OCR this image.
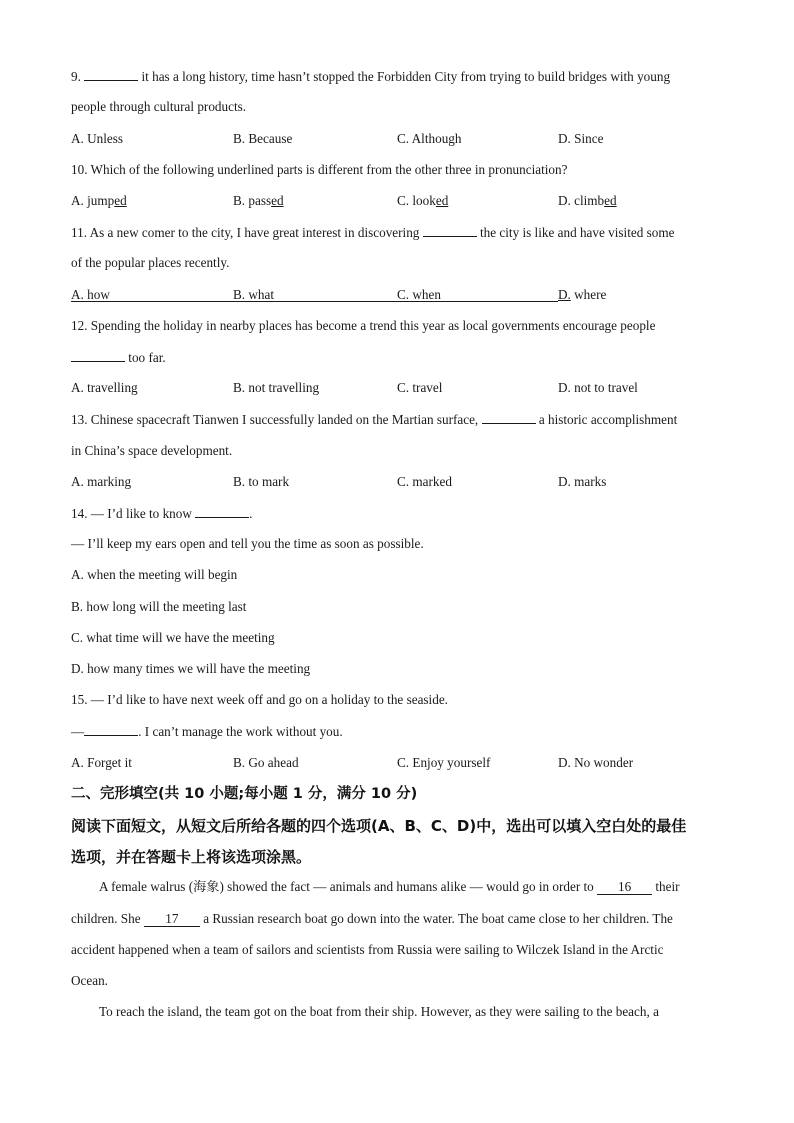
9.	it has a long history, time hasn’t stopped the Forbidden City from trying to build bridges with young
people through cultural products.
A. Unless	B. Because	C. Although	D. Since
10. Which of the following underlined parts is different from the other three in pronunciation?
A. jumped	B. passed	C. looked	D. climbed
11. As a new comer to the city, I have great interest in discovering	the city is like and have visited some
of the popular places recently.
A. how	B. what	C. when	D. where
12. Spending the holiday in nearby places has become a trend this year as local governments encourage people
too far.
A. travelling	B. not travelling	C. travel	D. not to travel
13. Chinese spacecraft Tianwen I successfully landed on the Martian surface,	a historic accomplishment
in China’s space development.
A. marking	B. to mark	C. marked	D. marks
14. — I’d like to know	.
— I’ll keep my ears open and tell you the time as soon as possible.
A. when the meeting will begin
B. how long will the meeting last
C. what time will we have the meeting
D. how many times we will have the meeting
15. — I’d like to have next week off and go on a holiday to the seaside.
—	. I can’t manage the work without you.
A. Forget it	B. Go ahead	C. Enjoy yourself	D. No wonder
二、完形填空(共 10 小题;每小题 1 分，满分 10 分)
阅读下面短文，从短文后所给各题的四个选项(A、B、C、D)中，选出可以填入空白处的最佳
选项，并在答题卡上将该选项涂黑。
A female walrus (海象) showed the fact — animals and humans alike — would go in order to 16 their
children. She 17 a Russian research boat go down into the water. The boat came close to her children. The
accident happened when a team of sailors and scientists from Russia were sailing to Wilczek Island in the Arctic
Ocean.
To reach the island, the team got on the boat from their ship. However, as they were sailing to the beach, a
